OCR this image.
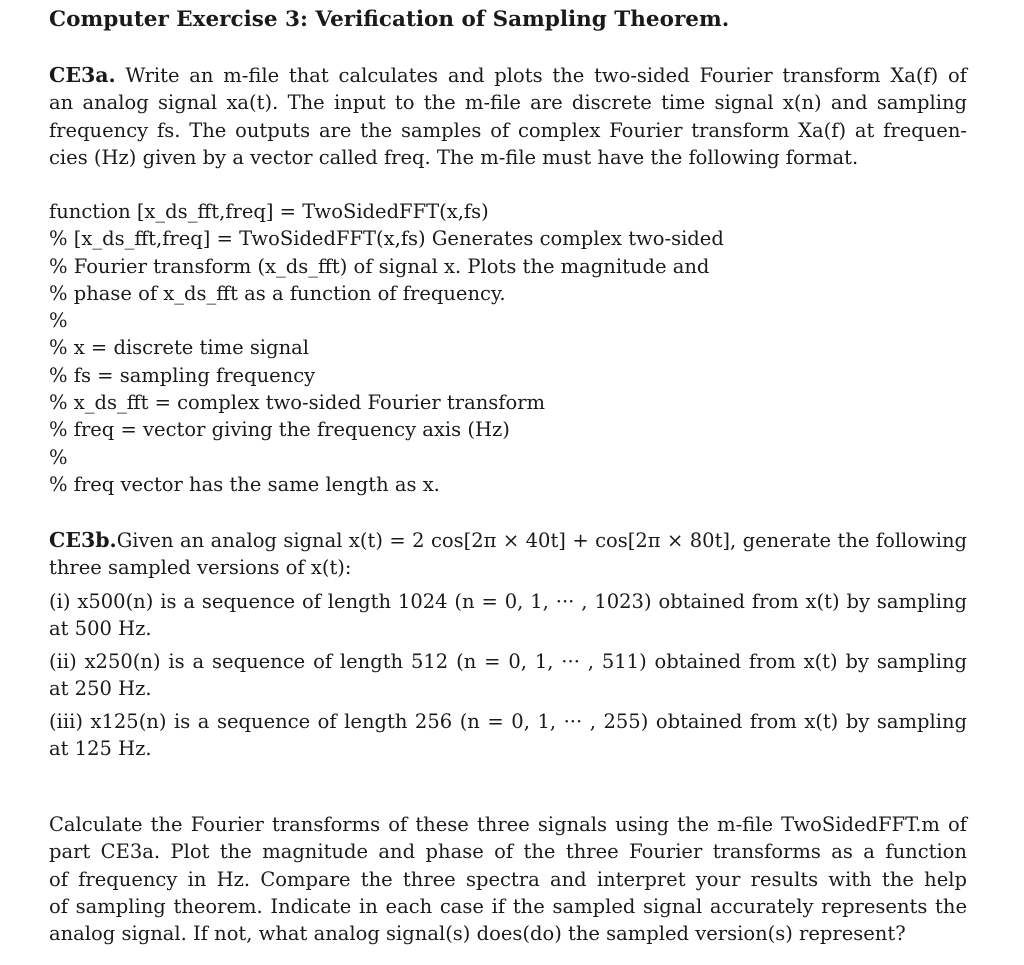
Computer Exercise 3: Verification of Sampling Theorem.
CE3a. Write an m-file that calculates and plots the two-sided Fourier transform Xa(f) of
an analog signal xa(t). The input to the m-file are discrete time signal x(n) and sampling
frequency fs. The outputs are the samples of complex Fourier transform Xa(f) at frequen-
cies (Hz) given by a vector called freq. The m-file must have the following format.
function [x_ds_fft,freq] = TwoSidedFFT(x,fs)
% [x_ds_fft,freq] = TwoSidedFFT(x,fs) Generates complex two-sided
% Fourier transform (x_ds_fft) of signal x. Plots the magnitude and
% phase of x_ds_fft as a function of frequency.
%
% x = discrete time signal
% fs = sampling frequency
% x_ds_fft = complex two-sided Fourier transform
% freq = vector giving the frequency axis (Hz)
%
% freq vector has the same length as x.
CE3b.Given an analog signal x(t) = 2 cos[2π × 40t] + cos[2π × 80t], generate the following
three sampled versions of x(t):
(i) x500(n) is a sequence of length 1024 (n = 0, 1, ··· , 1023) obtained from x(t) by sampling
at 500 Hz.
(ii) x250(n) is a sequence of length 512 (n = 0, 1, ··· , 511) obtained from x(t) by sampling
at 250 Hz.
(iii) x125(n) is a sequence of length 256 (n = 0, 1, ··· , 255) obtained from x(t) by sampling
at 125 Hz.
Calculate the Fourier transforms of these three signals using the m-file TwoSidedFFT.m of
part CE3a. Plot the magnitude and phase of the three Fourier transforms as a function
of frequency in Hz. Compare the three spectra and interpret your results with the help
of sampling theorem. Indicate in each case if the sampled signal accurately represents the
analog signal. If not, what analog signal(s) does(do) the sampled version(s) represent?
